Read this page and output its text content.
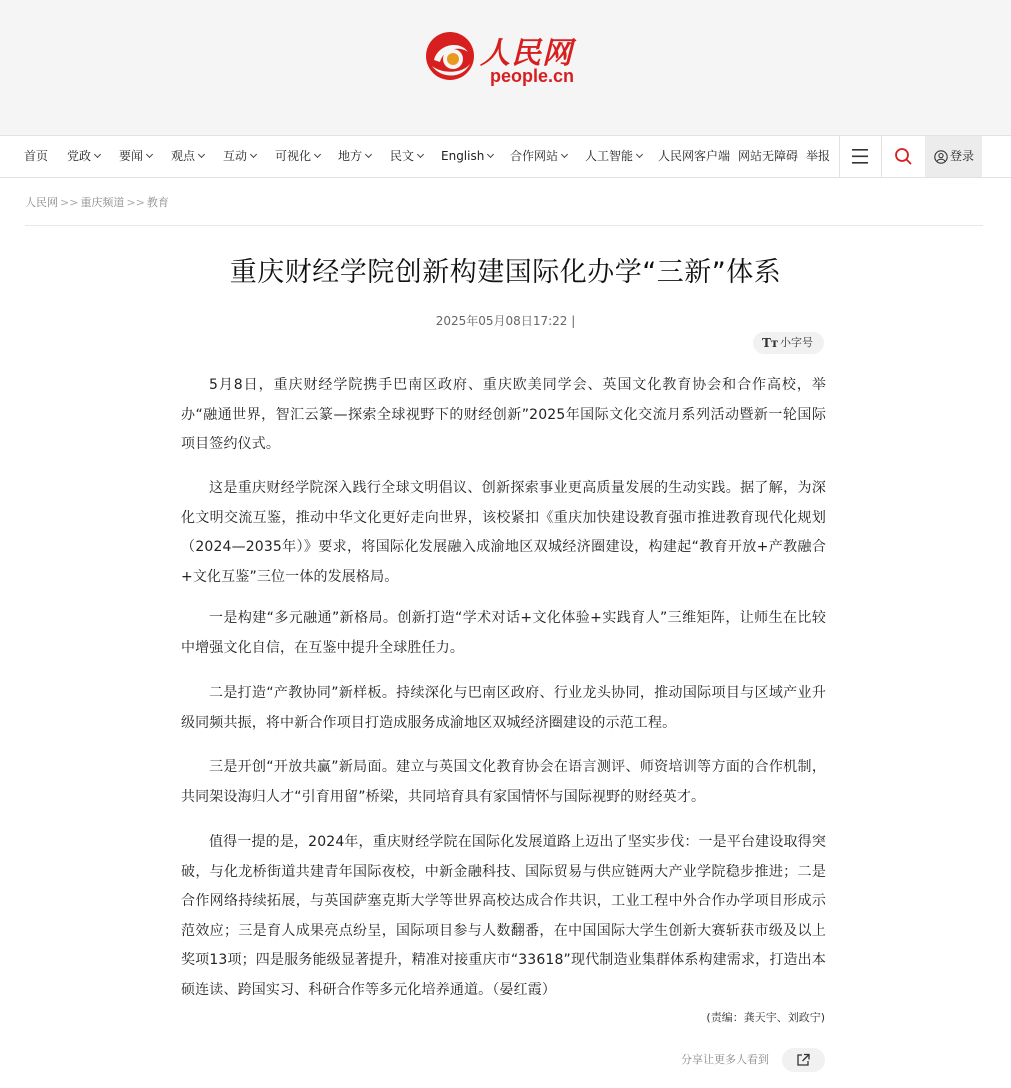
人民网
people.cn
首页 党政	要闻	观点	互动	可视化	地方	民文	English	合作网站	人工智能	人民网客户端 网站无障碍 举报	登录
人民网 >> 重庆频道 >> 教育
重庆财经学院创新构建国际化办学“三新”体系
2025年05月08日17:22 |
Tт 小字号

5月8日，重庆财经学院携手巴南区政府、重庆欧美同学会、英国文化教育协会和合作高校，举办“融通世界，智汇云篆—探索全球视野下的财经创新”2025年国际文化交流月系列活动暨新一轮国际项目签约仪式。

这是重庆财经学院深入践行全球文明倡议、创新探索事业更高质量发展的生动实践。据了解，为深化文明交流互鉴，推动中华文化更好走向世界，该校紧扣《重庆加快建设教育强市推进教育现代化规划（2024—2035年）》要求，将国际化发展融入成渝地区双城经济圈建设，构建起“教育开放+产教融合+文化互鉴”三位一体的发展格局。

一是构建“多元融通”新格局。创新打造“学术对话+文化体验+实践育人”三维矩阵，让师生在比较中增强文化自信，在互鉴中提升全球胜任力。

二是打造“产教协同”新样板。持续深化与巴南区政府、行业龙头协同，推动国际项目与区域产业升级同频共振，将中新合作项目打造成服务成渝地区双城经济圈建设的示范工程。

三是开创“开放共赢”新局面。建立与英国文化教育协会在语言测评、师资培训等方面的合作机制，共同架设海归人才“引育用留”桥梁，共同培育具有家国情怀与国际视野的财经英才。

值得一提的是，2024年，重庆财经学院在国际化发展道路上迈出了坚实步伐：一是平台建设取得突破，与化龙桥街道共建青年国际夜校，中新金融科技、国际贸易与供应链两大产业学院稳步推进；二是合作网络持续拓展，与英国萨塞克斯大学等世界高校达成合作共识，工业工程中外合作办学项目形成示范效应；三是育人成果亮点纷呈，国际项目参与人数翻番，在中国国际大学生创新大赛斩获市级及以上奖项13项；四是服务能级显著提升，精准对接重庆市“33618”现代制造业集群体系构建需求，打造出本硕连读、跨国实习、科研合作等多元化培养通道。（晏红霞）

(责编：龚天宇、刘政宁)
分享让更多人看到
